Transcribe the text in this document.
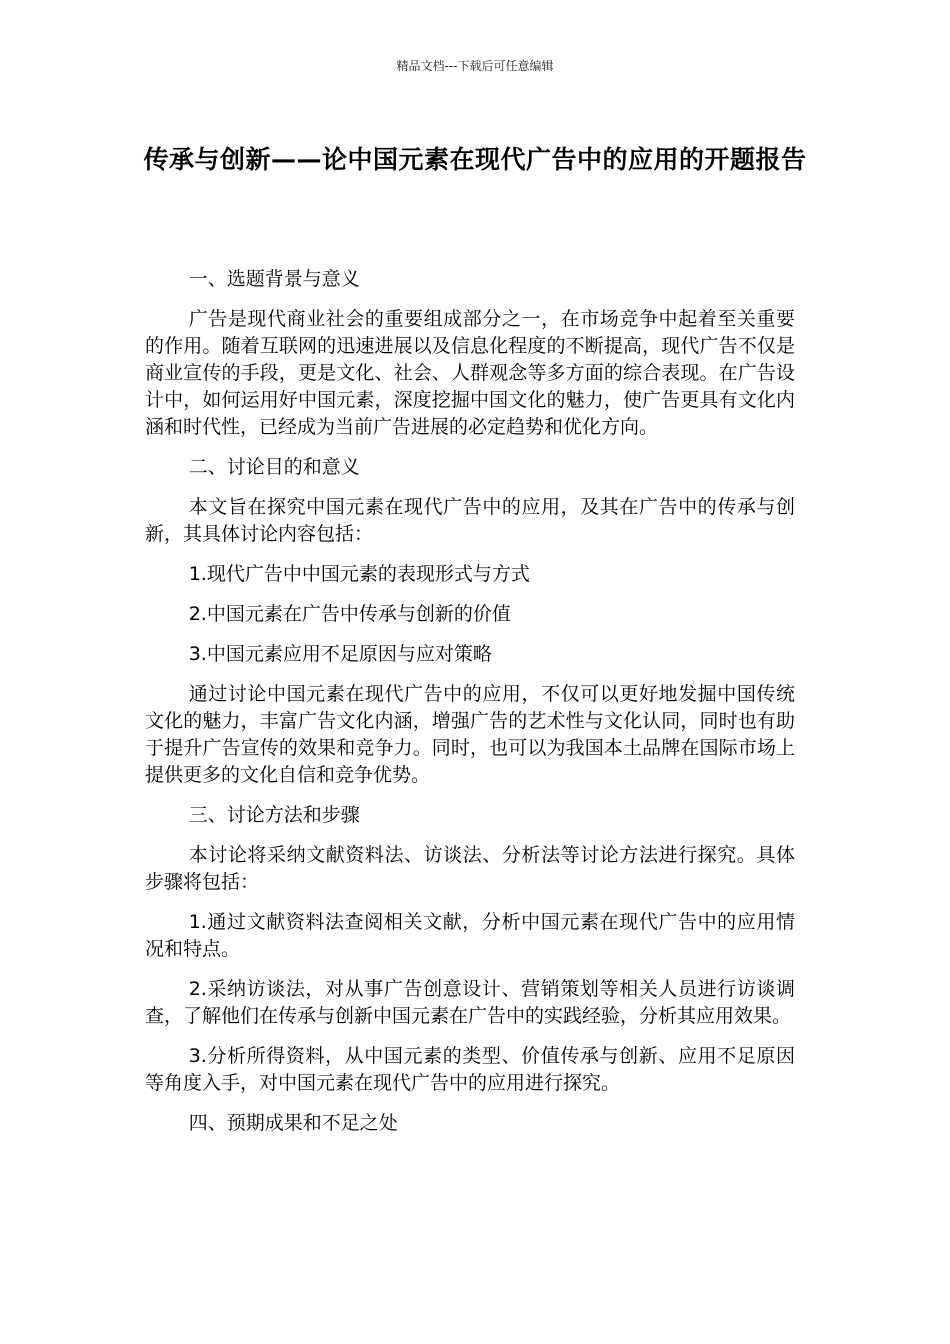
精品文档---下载后可任意编辑
传承与创新——论中国元素在现代广告中的应用的开题报告

一、选题背景与意义

广告是现代商业社会的重要组成部分之一，在市场竞争中起着至关重要的作用。随着互联网的迅速进展以及信息化程度的不断提高，现代广告不仅是商业宣传的手段，更是文化、社会、人群观念等多方面的综合表现。在广告设计中，如何运用好中国元素，深度挖掘中国文化的魅力，使广告更具有文化内涵和时代性，已经成为当前广告进展的必定趋势和优化方向。

二、讨论目的和意义

本文旨在探究中国元素在现代广告中的应用，及其在广告中的传承与创新，其具体讨论内容包括：

1.现代广告中中国元素的表现形式与方式

2.中国元素在广告中传承与创新的价值

3.中国元素应用不足原因与应对策略

通过讨论中国元素在现代广告中的应用，不仅可以更好地发掘中国传统文化的魅力，丰富广告文化内涵，增强广告的艺术性与文化认同，同时也有助于提升广告宣传的效果和竞争力。同时，也可以为我国本土品牌在国际市场上提供更多的文化自信和竞争优势。

三、讨论方法和步骤

本讨论将采纳文献资料法、访谈法、分析法等讨论方法进行探究。具体步骤将包括：

1.通过文献资料法查阅相关文献，分析中国元素在现代广告中的应用情况和特点。

2.采纳访谈法，对从事广告创意设计、营销策划等相关人员进行访谈调查，了解他们在传承与创新中国元素在广告中的实践经验，分析其应用效果。

3.分析所得资料，从中国元素的类型、价值传承与创新、应用不足原因等角度入手，对中国元素在现代广告中的应用进行探究。

四、预期成果和不足之处
